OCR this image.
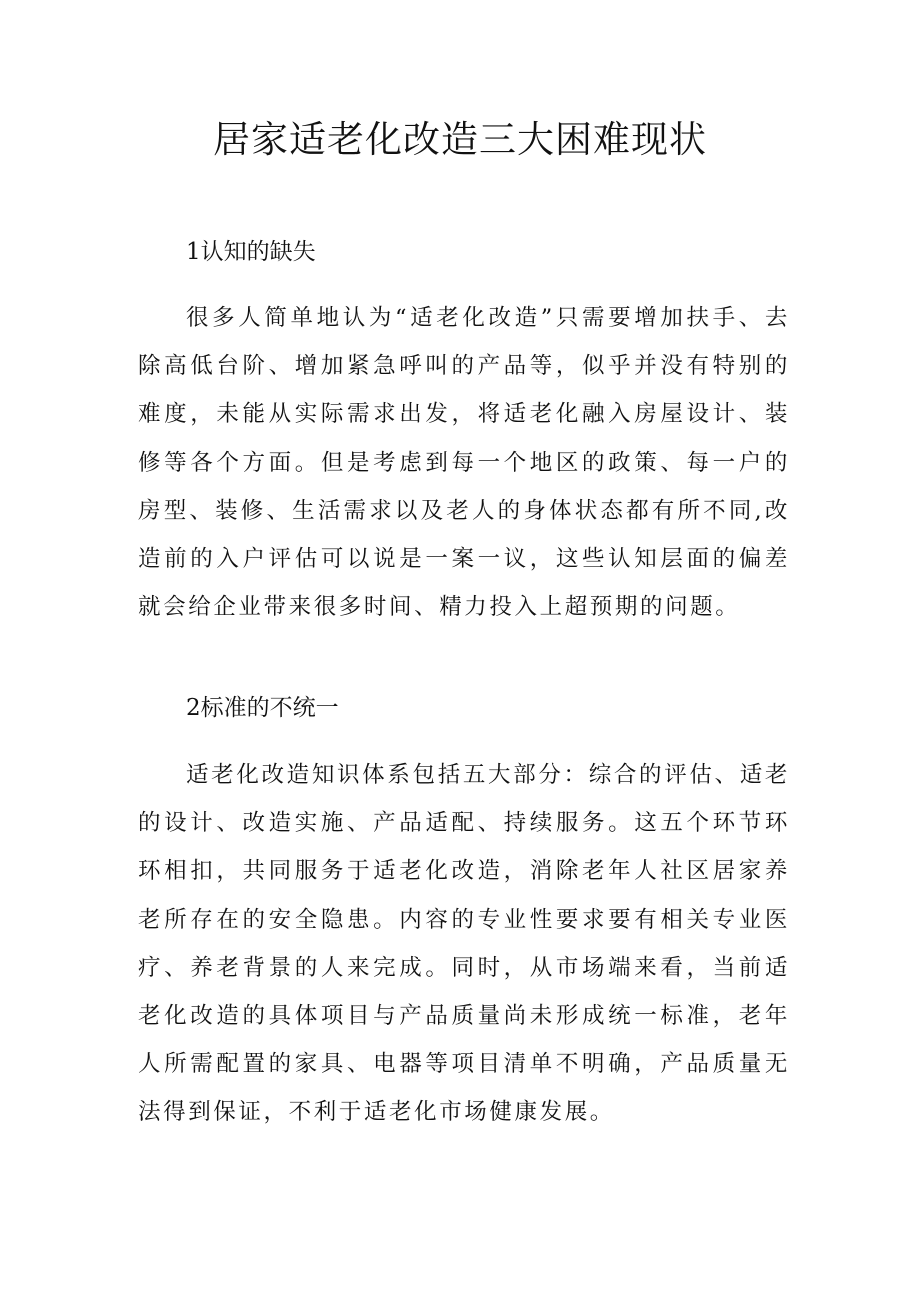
居家适老化改造三大困难现状
1认知的缺失

很多人简单地认为“适老化改造”只需要增加扶手、去除高低台阶、增加紧急呼叫的产品等，似乎并没有特别的难度，未能从实际需求出发，将适老化融入房屋设计、装修等各个方面。但是考虑到每一个地区的政策、每一户的房型、装修、生活需求以及老人的身体状态都有所不同,改造前的入户评估可以说是一案一议，这些认知层面的偏差就会给企业带来很多时间、精力投入上超预期的问题。

2标准的不统一

适老化改造知识体系包括五大部分：综合的评估、适老的设计、改造实施、产品适配、持续服务。这五个环节环环相扣，共同服务于适老化改造，消除老年人社区居家养老所存在的安全隐患。内容的专业性要求要有相关专业医疗、养老背景的人来完成。同时，从市场端来看，当前适老化改造的具体项目与产品质量尚未形成统一标准，老年人所需配置的家具、电器等项目清单不明确，产品质量无法得到保证，不利于适老化市场健康发展。
